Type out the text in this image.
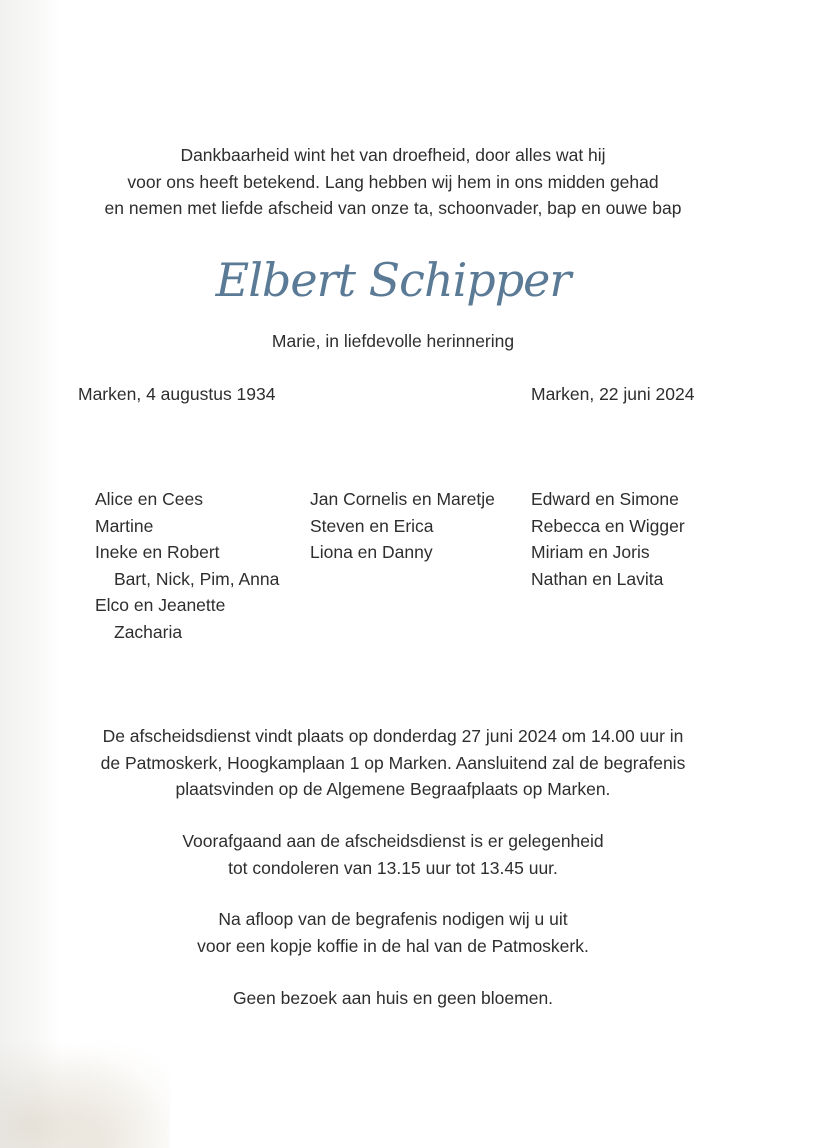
Dankbaarheid wint het van droefheid, door alles wat hij
voor ons heeft betekend. Lang hebben wij hem in ons midden gehad
en nemen met liefde afscheid van onze ta, schoonvader, bap en ouwe bap
Elbert Schipper
Marie, in liefdevolle herinnering
Marken, 4 augustus 1934	Marken, 22 juni 2024
Alice en Cees
Martine
Ineke en Robert
Bart, Nick, Pim, Anna
Elco en Jeanette
Zacharia
Jan Cornelis en Maretje
Steven en Erica
Liona en Danny
Edward en Simone
Rebecca en Wigger
Miriam en Joris
Nathan en Lavita
De afscheidsdienst vindt plaats op donderdag 27 juni 2024 om 14.00 uur in
de Patmoskerk, Hoogkamplaan 1 op Marken. Aansluitend zal de begrafenis
plaatsvinden op de Algemene Begraafplaats op Marken.
Voorafgaand aan de afscheidsdienst is er gelegenheid
tot condoleren van 13.15 uur tot 13.45 uur.
Na afloop van de begrafenis nodigen wij u uit
voor een kopje koffie in de hal van de Patmoskerk.
Geen bezoek aan huis en geen bloemen.
